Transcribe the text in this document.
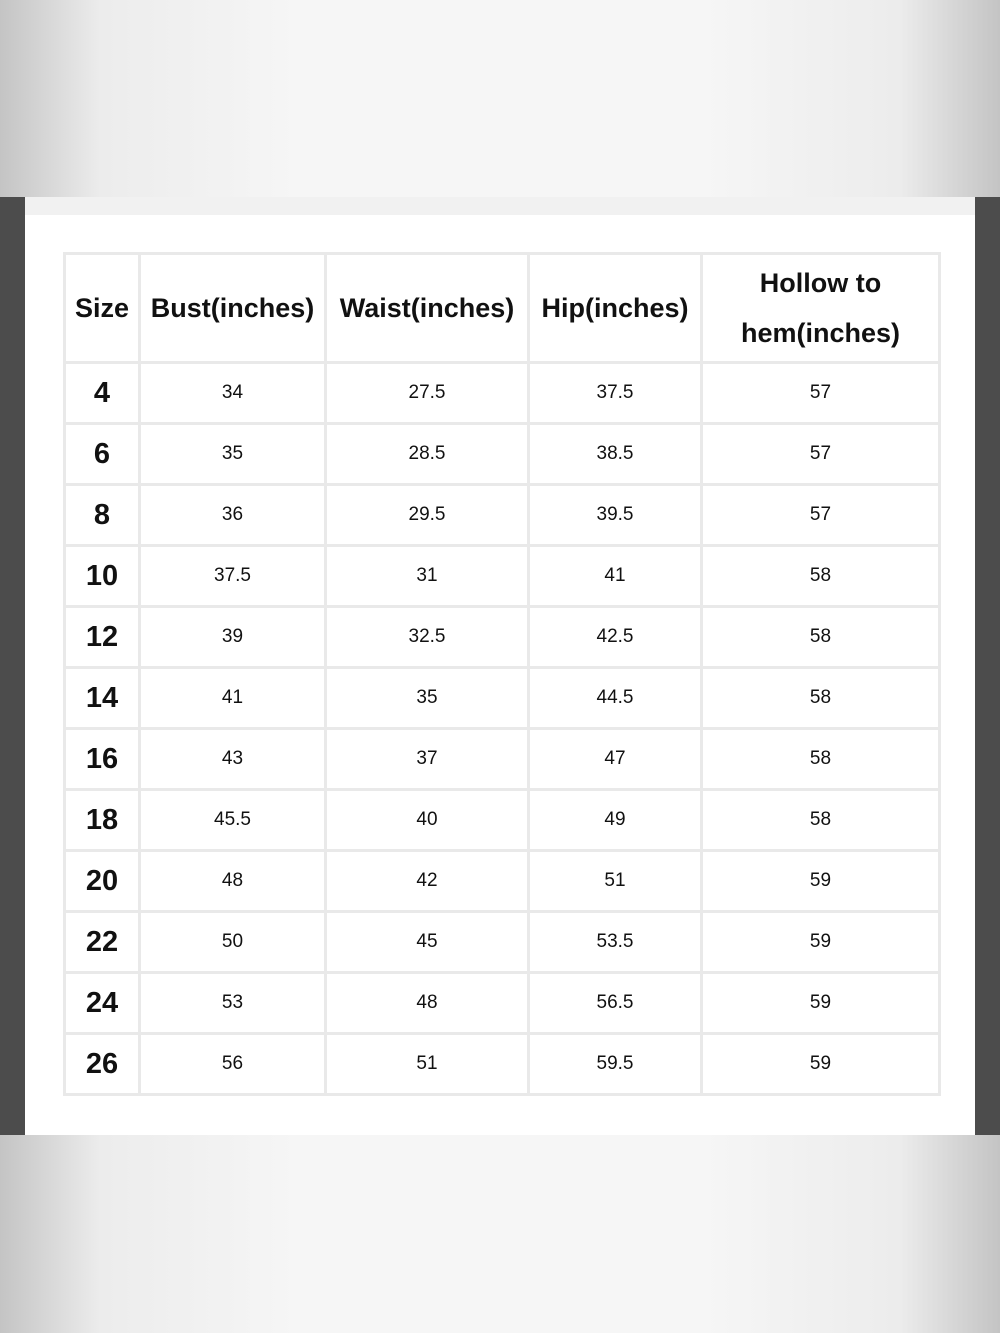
Size	Bust(inches)	Waist(inches)	Hip(inches)	Hollow to hem(inches)
4	34	27.5	37.5	57
6	35	28.5	38.5	57
8	36	29.5	39.5	57
10	37.5	31	41	58
12	39	32.5	42.5	58
14	41	35	44.5	58
16	43	37	47	58
18	45.5	40	49	58
20	48	42	51	59
22	50	45	53.5	59
24	53	48	56.5	59
26	56	51	59.5	59
